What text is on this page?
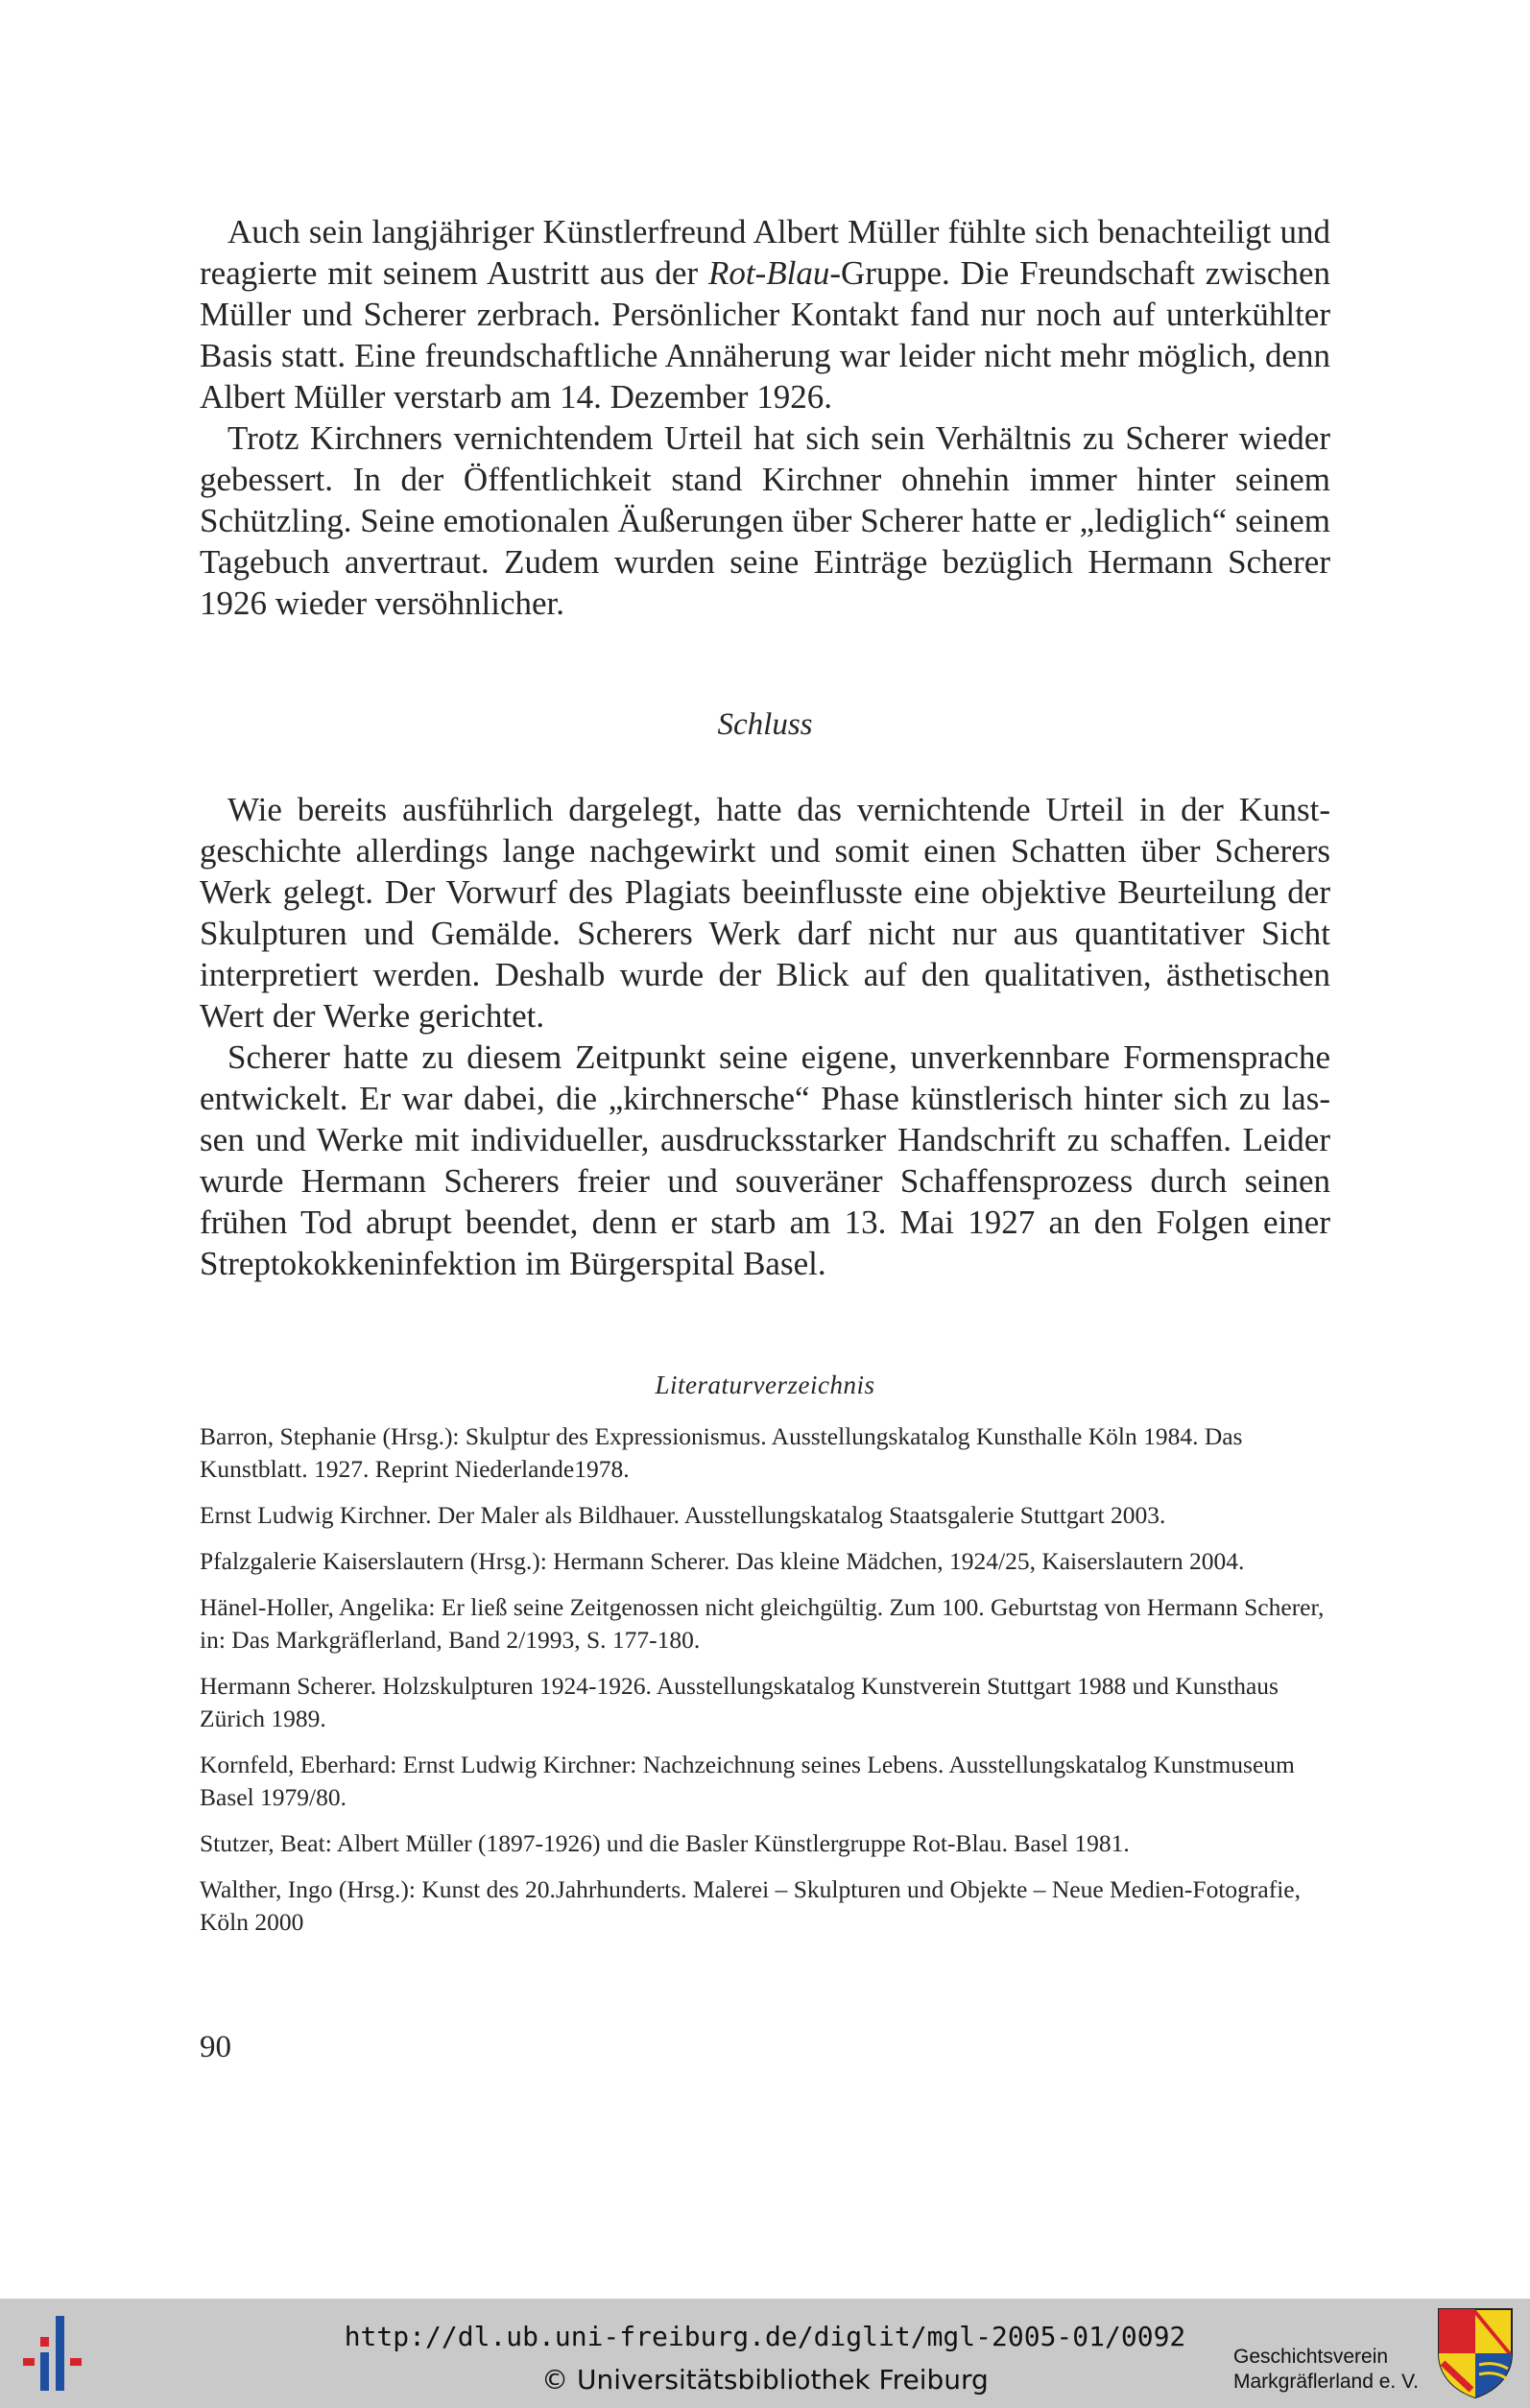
Auch sein langjähriger Künstlerfreund Albert Müller fühlte sich benachteiligt und reagierte mit seinem Austritt aus der Rot-Blau-Gruppe. Die Freundschaft zwischen Müller und Scherer zerbrach. Persönlicher Kontakt fand nur noch auf unterkühlter Basis statt. Eine freundschaftliche Annäherung war leider nicht mehr möglich, denn Albert Müller verstarb am 14. Dezember 1926.

Trotz Kirchners vernichtendem Urteil hat sich sein Verhältnis zu Scherer wieder gebessert. In der Öffentlichkeit stand Kirchner ohnehin immer hinter seinem Schützling. Seine emotionalen Äußerungen über Scherer hatte er „lediglich“ seinem Tagebuch anvertraut. Zudem wurden seine Einträge bezüglich Hermann Scherer 1926 wieder versöhnlicher.

Schluss

Wie bereits ausführlich dargelegt, hatte das vernichtende Urteil in der Kunstgeschichte allerdings lange nachgewirkt und somit einen Schatten über Scherers Werk gelegt. Der Vorwurf des Plagiats beeinflusste eine objektive Beurteilung der Skulpturen und Gemälde. Scherers Werk darf nicht nur aus quantitativer Sicht interpretiert werden. Deshalb wurde der Blick auf den qualitativen, ästhetischen Wert der Werke gerichtet.

Scherer hatte zu diesem Zeitpunkt seine eigene, unverkennbare Formensprache entwickelt. Er war dabei, die „kirchnersche“ Phase künstlerisch hinter sich zu lassen und Werke mit individueller, ausdrucksstarker Handschrift zu schaffen. Leider wurde Hermann Scherers freier und souveräner Schaffensprozess durch seinen frühen Tod abrupt beendet, denn er starb am 13. Mai 1927 an den Folgen einer Streptokokkeninfektion im Bürgerspital Basel.

Literaturverzeichnis
Barron, Stephanie (Hrsg.): Skulptur des Expressionismus. Ausstellungskatalog Kunsthalle Köln 1984. Das Kunstblatt. 1927. Reprint Niederlande1978.
Ernst Ludwig Kirchner. Der Maler als Bildhauer. Ausstellungskatalog Staatsgalerie Stuttgart 2003.
Pfalzgalerie Kaiserslautern (Hrsg.): Hermann Scherer. Das kleine Mädchen, 1924/25, Kaiserslautern 2004.
Hänel-Holler, Angelika: Er ließ seine Zeitgenossen nicht gleichgültig. Zum 100. Geburtstag von Hermann Scherer, in: Das Markgräflerland, Band 2/1993, S. 177-180.
Hermann Scherer. Holzskulpturen 1924-1926. Ausstellungskatalog Kunstverein Stuttgart 1988 und Kunsthaus Zürich 1989.
Kornfeld, Eberhard: Ernst Ludwig Kirchner: Nachzeichnung seines Lebens. Ausstellungskatalog Kunstmuseum Basel 1979/80.
Stutzer, Beat: Albert Müller (1897-1926) und die Basler Künstlergruppe Rot-Blau. Basel 1981.
Walther, Ingo (Hrsg.): Kunst des 20.Jahrhunderts. Malerei – Skulpturen und Objekte – Neue Medien-Fotografie, Köln 2000
90
http://dl.ub.uni-freiburg.de/diglit/mgl-2005-01/0092
© Universitätsbibliothek Freiburg
Geschichtsverein
Markgräflerland e. V.
